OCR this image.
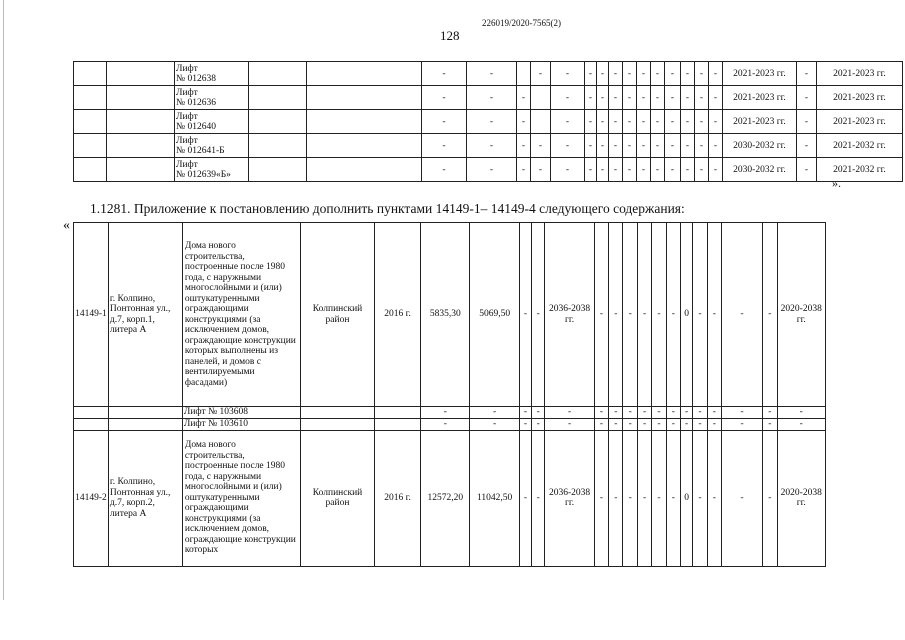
226019/2020-7565(2)
128
		Лифт
№ 012638			-	-		-	-	-	-	-	-	-	-	-	-	-	-	2021-2023 гг.	-	2021-2023 гг.
		Лифт
№ 012636			-	-	-		-	-	-	-	-	-	-	-	-	-	-	2021-2023 гг.	-	2021-2023 гг.
		Лифт
№ 012640			-	-	-		-	-	-	-	-	-	-	-	-	-	-	2021-2023 гг.	-	2021-2023 гг.
		Лифт
№ 012641-Б			-	-	-	-	-	-	-	-	-	-	-	-	-	-	-	2030-2032 гг.	-	2021-2032 гг.
		Лифт
№ 012639«Б»			-	-	-	-	-	-	-	-	-	-	-	-	-	-	-	2030-2032 гг.	-	2021-2032 гг.
».
1.1281. Приложение к постановлению дополнить пунктами 14149-1– 14149-4 следующего содержания:
«
14149-1	г. Колпино, Понтонная ул., д.7, корп.1, литера А	Дома нового строительства, построенные после 1980 года, с наружными многослойными и (или) оштукатуренными ограждающими конструкциями (за исключением домов, ограждающие конструкции которых выполнены из панелей, и домов с вентилируемыми фасадами)	Колпинский район	2016 г.	5835,30	5069,50	-	-	2036-2038 гг.	-	-	-	-	-	-	0	-	-	-	-	2020-2038 гг.
		Лифт № 103608			-	-	-	-	-	-	-	-	-	-	-	-	-	-	-	-	-
		Лифт № 103610			-	-	-	-	-	-	-	-	-	-	-	-	-	-	-	-	-
14149-2	г. Колпино, Понтонная ул., д.7, корп.2, литера А	Дома нового строительства, построенные после 1980 года, с наружными многослойными и (или) оштукатуренными ограждающими конструкциями (за исключением домов, ограждающие конструкции которых	Колпинский район	2016 г.	12572,20	11042,50	-	-	2036-2038 гг.	-	-	-	-	-	-	0	-	-	-	-	2020-2038 гг.
